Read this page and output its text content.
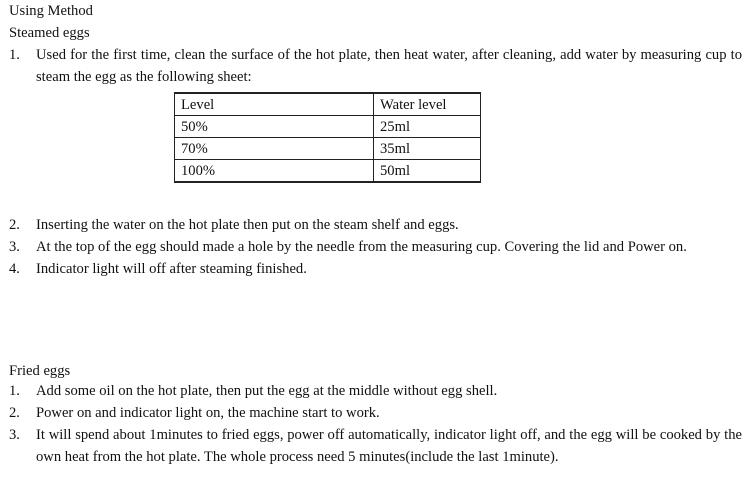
Using Method
Steamed eggs
1. Used for the first time, clean the surface of the hot plate, then heat water, after cleaning, add water by measuring cup to steam the egg as the following sheet:
Level	Water level
50%	25ml
70%	35ml
100%	50ml
2. Inserting the water on the hot plate then put on the steam shelf and eggs.
3. At the top of the egg should made a hole by the needle from the measuring cup. Covering the lid and Power on.
4. Indicator light will off after steaming finished.
Fried eggs
1. Add some oil on the hot plate, then put the egg at the middle without egg shell.
2. Power on and indicator light on, the machine start to work.
3. It will spend about 1minutes to fried eggs, power off automatically, indicator light off, and the egg will be cooked by the own heat from the hot plate. The whole process need 5 minutes(include the last 1minute).
